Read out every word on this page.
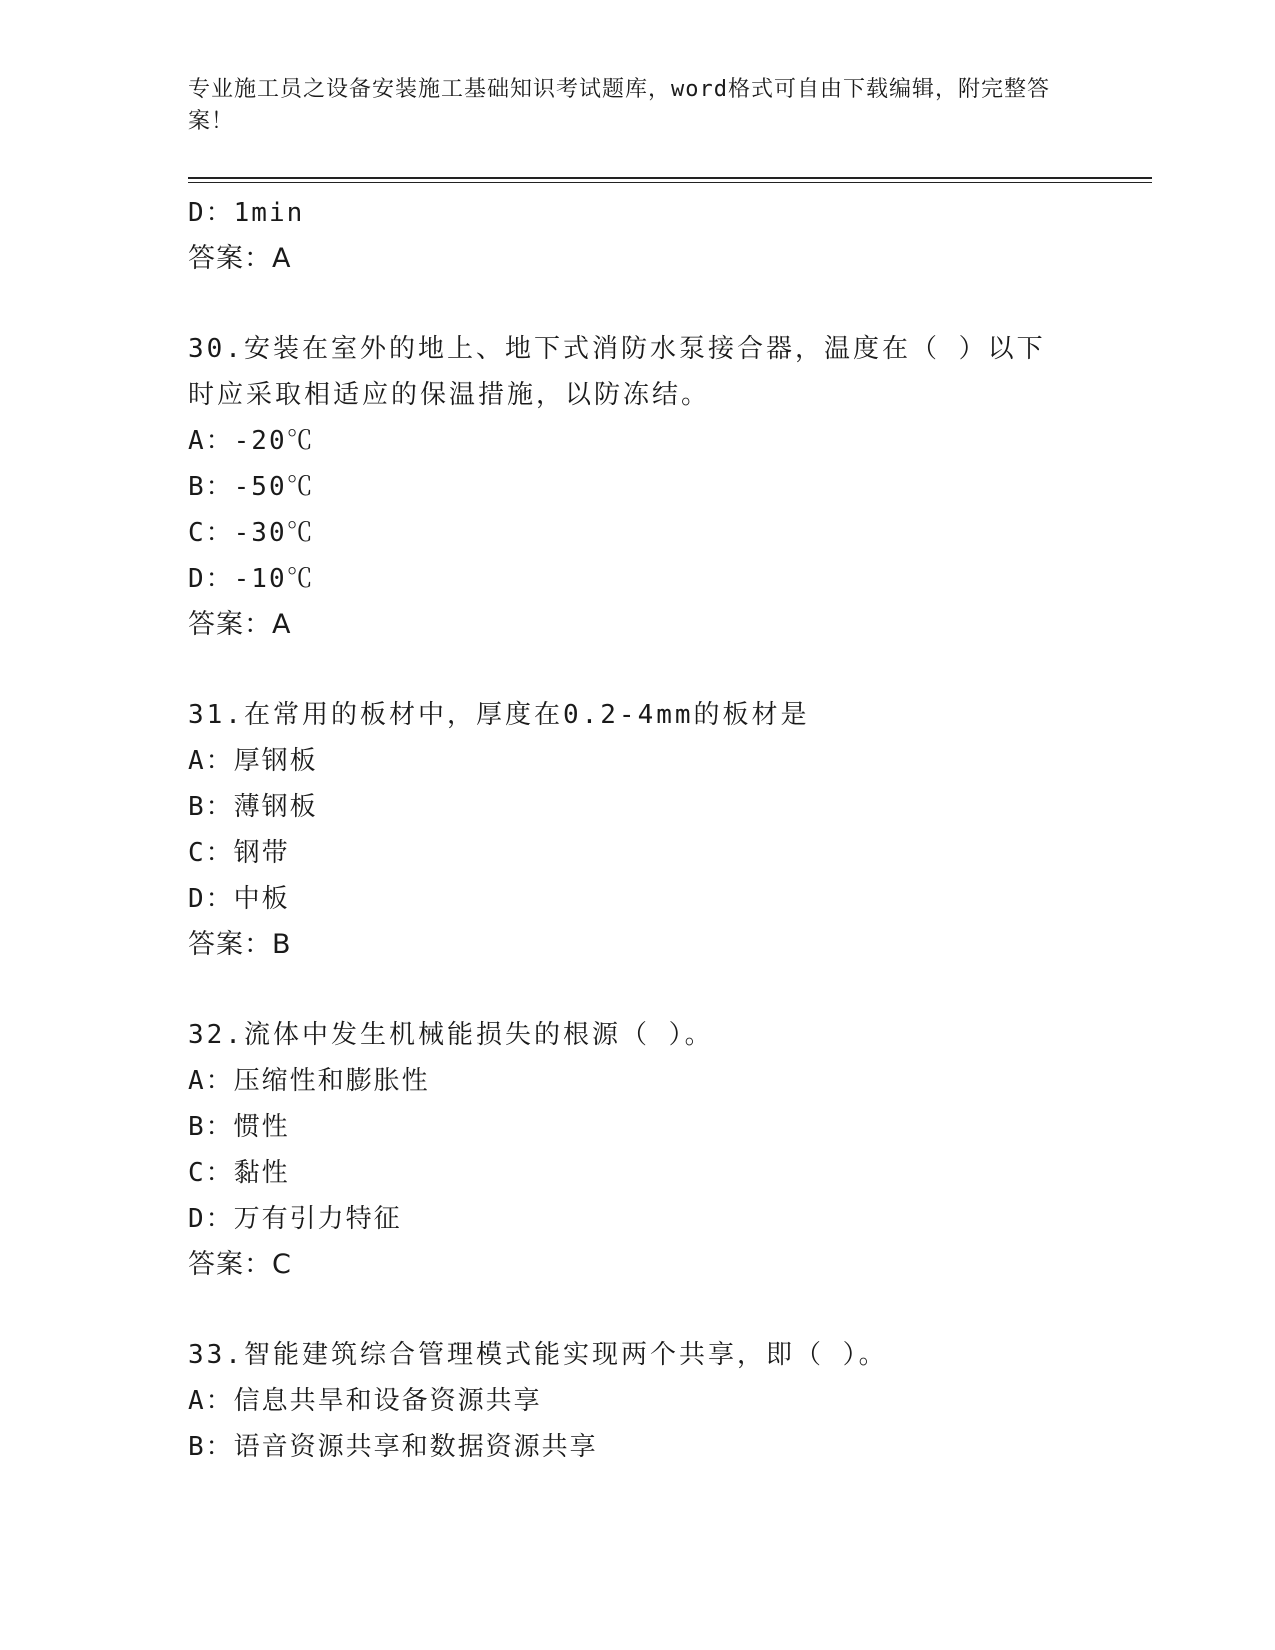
专业施工员之设备安装施工基础知识考试题库，word格式可自由下载编辑，附完整答案！
D：1min
答案：A
30.安装在室外的地上、地下式消防水泵接合器，温度在（ ）以下时应采取相适应的保温措施，以防冻结。
A：-20℃
B：-50℃
C：-30℃
D：-10℃
答案：A
31.在常用的板材中，厚度在0.2-4mm的板材是
A：厚钢板
B：薄钢板
C：钢带
D：中板
答案：B
32.流体中发生机械能损失的根源（ ）。
A：压缩性和膨胀性
B：惯性
C：黏性
D：万有引力特征
答案：C
33.智能建筑综合管理模式能实现两个共享，即（ ）。
A：信息共旱和设备资源共享
B：语音资源共享和数据资源共享
